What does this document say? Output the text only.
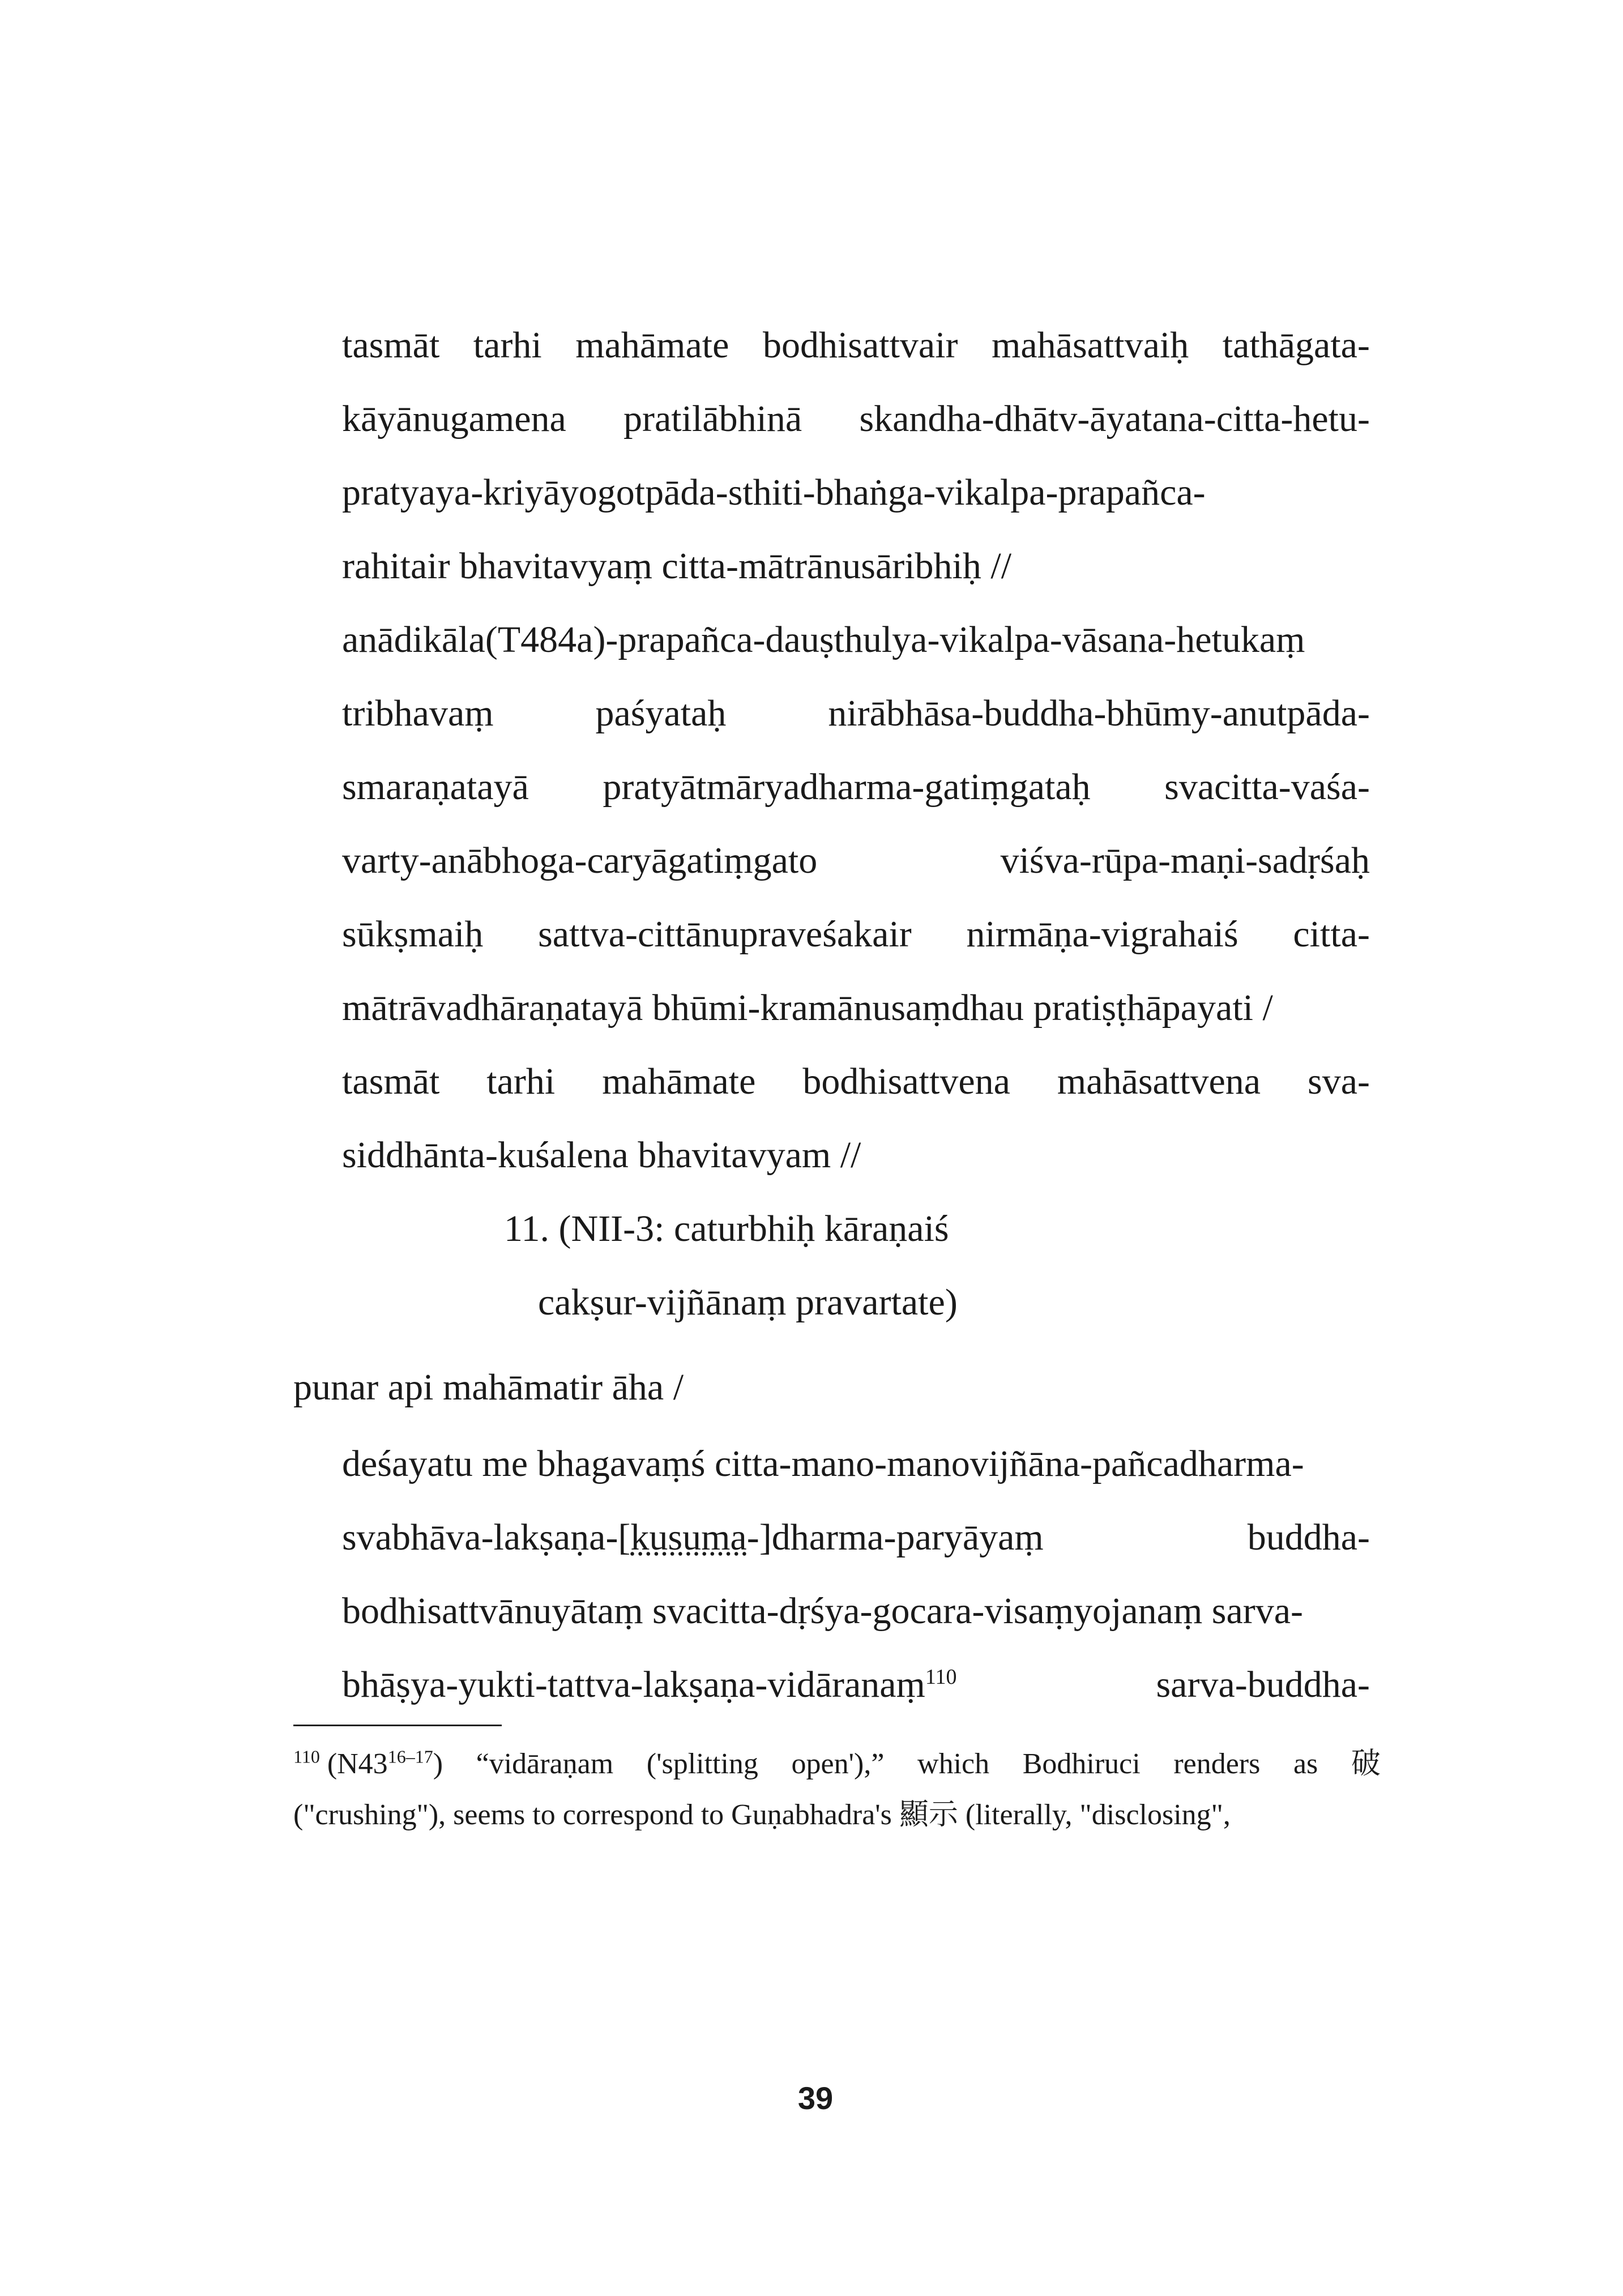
tasmāt tarhi mahāmate bodhisattvair mahāsattvaiḥ tathāgata-
kāyānugamena pratilābhinā skandha-dhātv-āyatana-citta-hetu-
pratyaya-kriyāyogotpāda-sthiti-bhaṅga-vikalpa-prapañca-
rahitair bhavitavyaṃ citta-mātrānusāribhiḥ //
anādikāla(T484a)-prapañca-dauṣthulya-vikalpa-vāsana-hetukaṃ
tribhavaṃ	paśyataḥ	nirābhāsa-buddha-bhūmy-anutpāda-
smaraṇatayā pratyātmāryadharma-gatiṃgataḥ svacitta-vaśa-
varty-anābhoga-caryāgatiṃgato	viśva-rūpa-maṇi-sadṛśaḥ
sūkṣmaiḥ sattva-cittānupraveśakair nirmāṇa-vigrahaiś citta-
mātrāvadhāraṇatayā bhūmi-kramānusaṃdhau pratiṣṭhāpayati /
tasmāt tarhi mahāmate bodhisattvena mahāsattvena sva-
siddhānta-kuśalena bhavitavyam //
11. (NII-3: caturbhiḥ kāraṇaiś
cakṣur-vijñānaṃ pravartate)
punar api mahāmatir āha /
deśayatu me bhagavaṃś citta-mano-manovijñāna-pañcadharma-
svabhāva-lakṣaṇa-[kusuma-]dharma-paryāyaṃ	buddha-
bodhisattvānuyātaṃ svacitta-dṛśya-gocara-visaṃyojanaṃ sarva-
bhāṣya-yukti-tattva-lakṣaṇa-vidāranaṃ$^{110}$	sarva-buddha-
$^{110}$ (N43$^{16-17}$) “vidāraṇam ('splitting open'),” which Bodhiruci renders as 破
("crushing"), seems to correspond to Guṇabhadra's 顯示 (literally, "disclosing",
39
